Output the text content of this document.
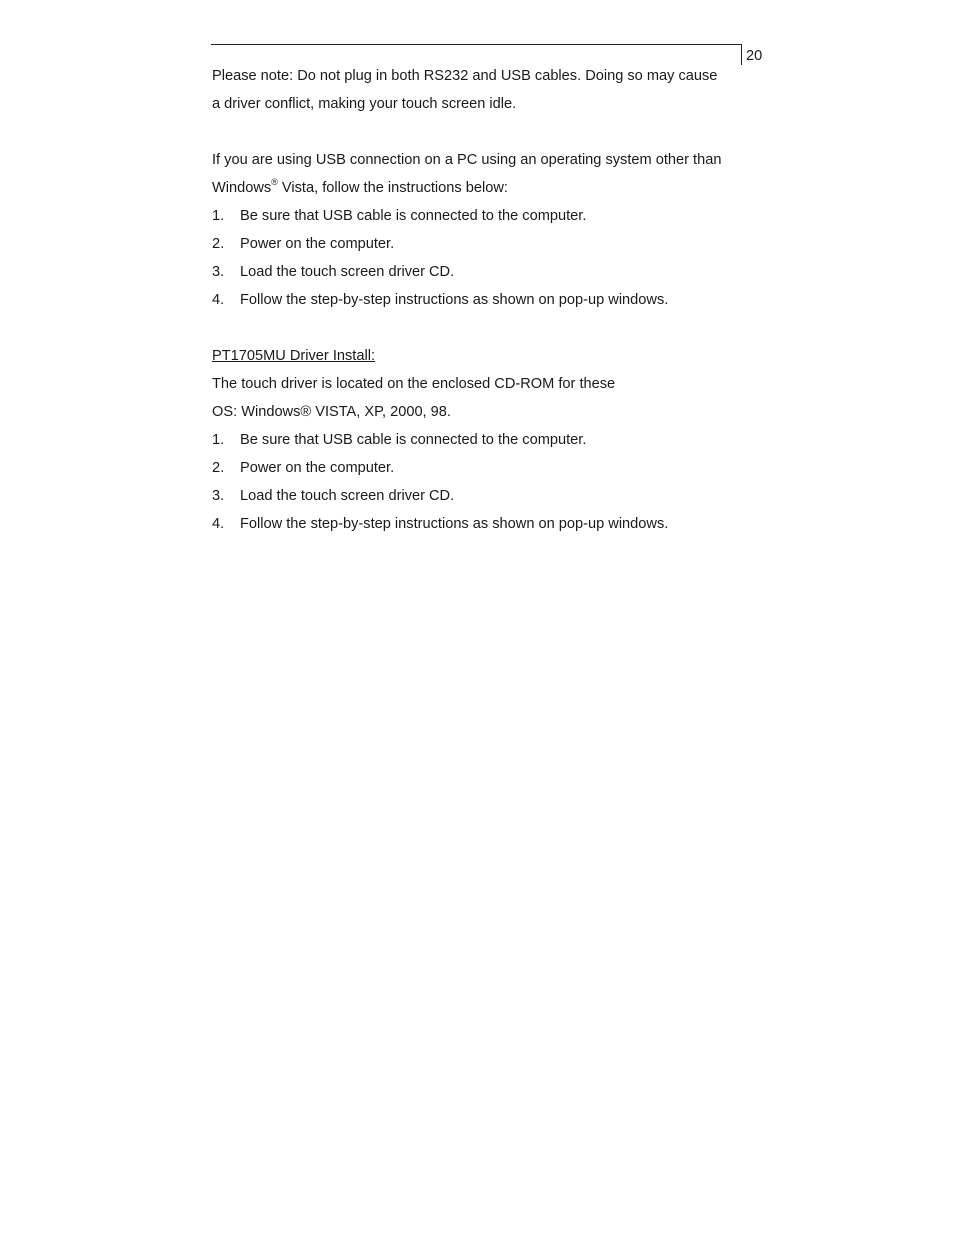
20
Please note: Do not plug in both RS232 and USB cables. Doing so may cause
a driver conflict, making your touch screen idle.
If you are using USB connection on a PC using an operating system other than
Windows® Vista, follow the instructions below:
1.	Be sure that USB cable is connected to the computer.
2.	Power on the computer.
3.	Load the touch screen driver CD.
4.	Follow the step-by-step instructions as shown on pop-up windows.
PT1705MU Driver Install:
The touch driver is located on the enclosed CD-ROM for these
OS: Windows® VISTA, XP, 2000, 98.
1.	Be sure that USB cable is connected to the computer.
2.	Power on the computer.
3.	Load the touch screen driver CD.
4.	Follow the step-by-step instructions as shown on pop-up windows.
